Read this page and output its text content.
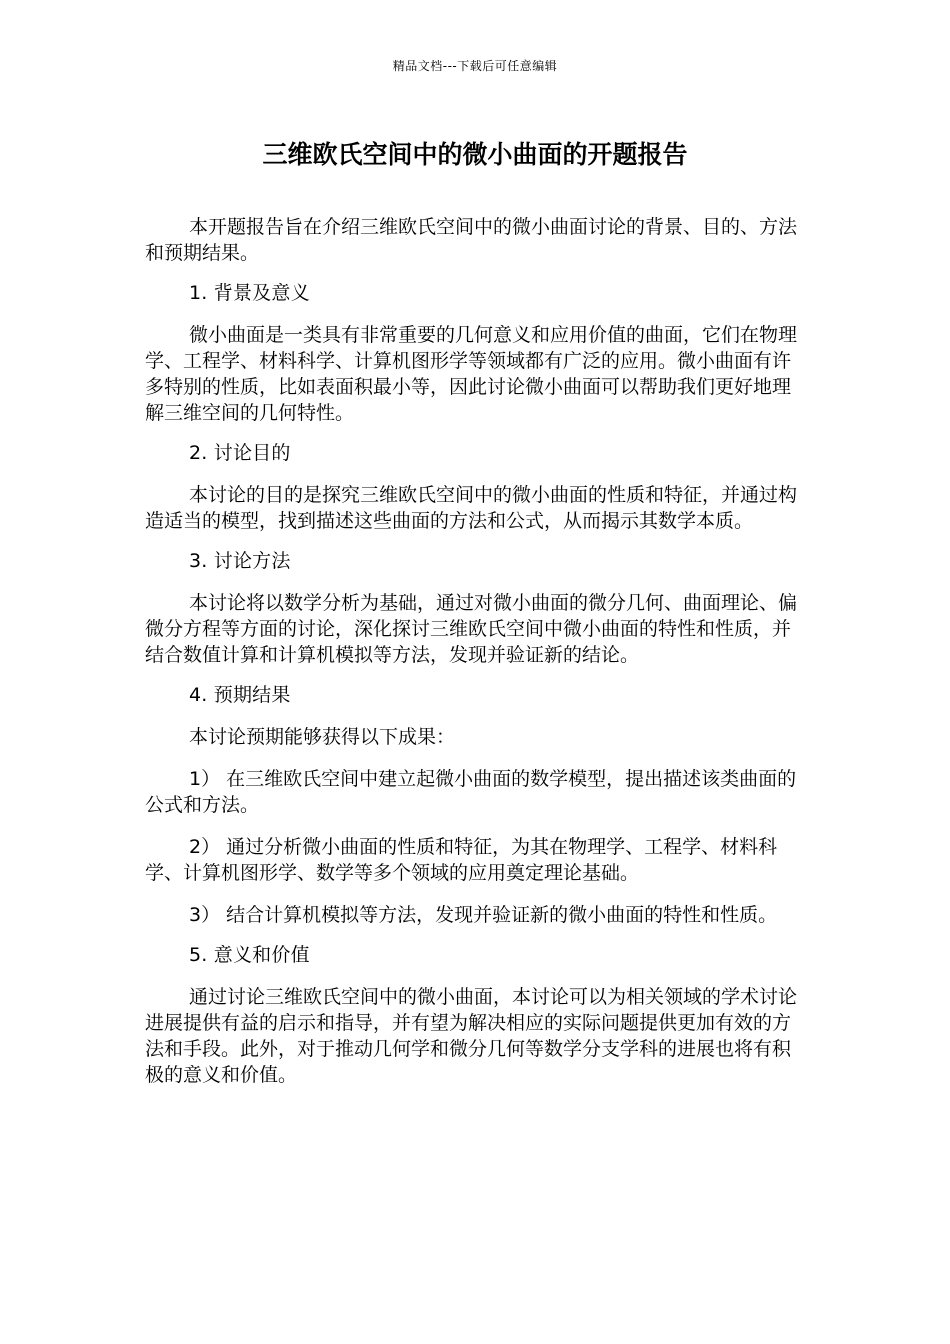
精品文档---下载后可任意编辑
三维欧氏空间中的微小曲面的开题报告

本开题报告旨在介绍三维欧氏空间中的微小曲面讨论的背景、目的、方法和预期结果。

1. 背景及意义

微小曲面是一类具有非常重要的几何意义和应用价值的曲面，它们在物理学、工程学、材料科学、计算机图形学等领域都有广泛的应用。微小曲面有许多特别的性质，比如表面积最小等，因此讨论微小曲面可以帮助我们更好地理解三维空间的几何特性。

2. 讨论目的

本讨论的目的是探究三维欧氏空间中的微小曲面的性质和特征，并通过构造适当的模型，找到描述这些曲面的方法和公式，从而揭示其数学本质。

3. 讨论方法

本讨论将以数学分析为基础，通过对微小曲面的微分几何、曲面理论、偏微分方程等方面的讨论，深化探讨三维欧氏空间中微小曲面的特性和性质，并结合数值计算和计算机模拟等方法，发现并验证新的结论。

4. 预期结果

本讨论预期能够获得以下成果：

1） 在三维欧氏空间中建立起微小曲面的数学模型，提出描述该类曲面的公式和方法。

2） 通过分析微小曲面的性质和特征，为其在物理学、工程学、材料科学、计算机图形学、数学等多个领域的应用奠定理论基础。

3） 结合计算机模拟等方法，发现并验证新的微小曲面的特性和性质。

5. 意义和价值

通过讨论三维欧氏空间中的微小曲面，本讨论可以为相关领域的学术讨论进展提供有益的启示和指导，并有望为解决相应的实际问题提供更加有效的方法和手段。此外，对于推动几何学和微分几何等数学分支学科的进展也将有积极的意义和价值。
